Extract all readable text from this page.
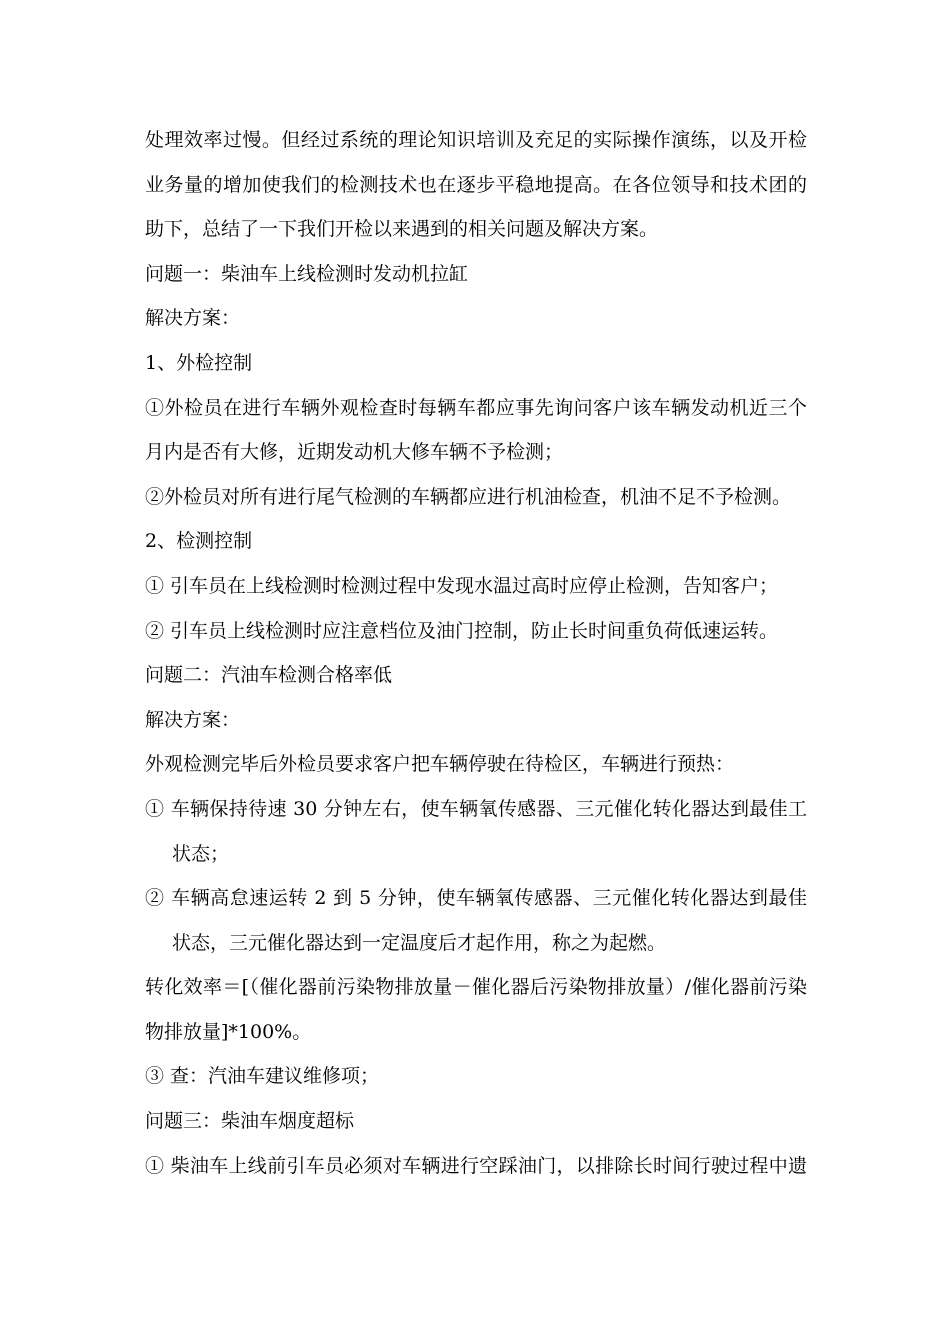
处理效率过慢。但经过系统的理论知识培训及充足的实际操作演练，以及开检
业务量的增加使我们的检测技术也在逐步平稳地提高。在各位领导和技术团的
助下，总结了一下我们开检以来遇到的相关问题及解决方案。
问题一：柴油车上线检测时发动机拉缸
解决方案：
1、外检控制
①外检员在进行车辆外观检查时每辆车都应事先询问客户该车辆发动机近三个
月内是否有大修，近期发动机大修车辆不予检测；
②外检员对所有进行尾气检测的车辆都应进行机油检查，机油不足不予检测。
2、检测控制
① 引车员在上线检测时检测过程中发现水温过高时应停止检测，告知客户；
② 引车员上线检测时应注意档位及油门控制，防止长时间重负荷低速运转。
问题二：汽油车检测合格率低
解决方案：
外观检测完毕后外检员要求客户把车辆停驶在待检区，车辆进行预热：
① 车辆保持待速 30 分钟左右，使车辆氧传感器、三元催化转化器达到最佳工
状态；
② 车辆高怠速运转 2 到 5 分钟，使车辆氧传感器、三元催化转化器达到最佳
状态，三元催化器达到一定温度后才起作用，称之为起燃。
转化效率＝[（催化器前污染物排放量－催化器后污染物排放量）/催化器前污染
物排放量]*100%。
③ 查：汽油车建议维修项；
问题三：柴油车烟度超标
① 柴油车上线前引车员必须对车辆进行空踩油门，以排除长时间行驶过程中遗
